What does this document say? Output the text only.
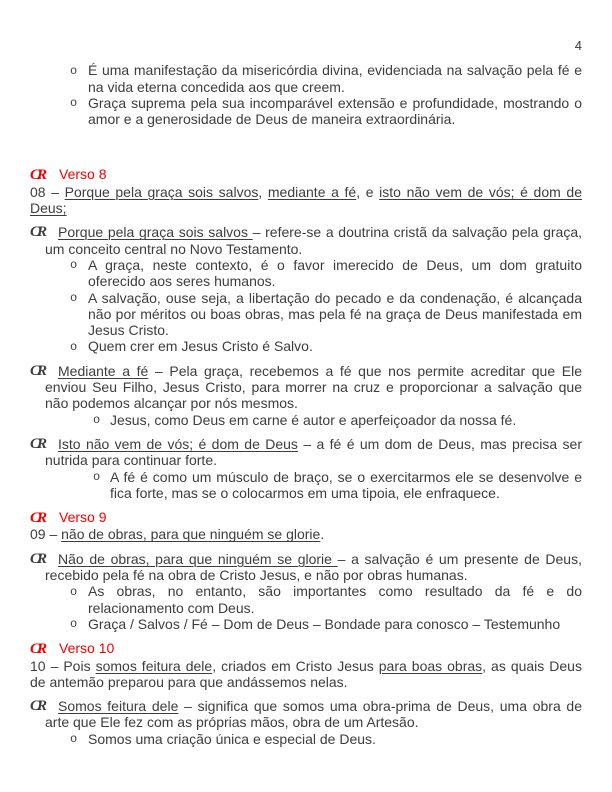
4
o É uma manifestação da misericórdia divina, evidenciada na salvação pela fé e na vida eterna concedida aos que creem.
o Graça suprema pela sua incomparável extensão e profundidade, mostrando o amor e a generosidade de Deus de maneira extraordinária.
CR Verso 8
08 – Porque pela graça sois salvos, mediante a fé, e isto não vem de vós; é dom de Deus;
CR Porque pela graça sois salvos – refere-se a doutrina cristã da salvação pela graça, um conceito central no Novo Testamento.
o A graça, neste contexto, é o favor imerecido de Deus, um dom gratuito oferecido aos seres humanos.
o A salvação, ouse seja, a libertação do pecado e da condenação, é alcançada não por méritos ou boas obras, mas pela fé na graça de Deus manifestada em Jesus Cristo.
o Quem crer em Jesus Cristo é Salvo.
CR Mediante a fé – Pela graça, recebemos a fé que nos permite acreditar que Ele enviou Seu Filho, Jesus Cristo, para morrer na cruz e proporcionar a salvação que não podemos alcançar por nós mesmos.
o Jesus, como Deus em carne é autor e aperfeiçoador da nossa fé.
CR Isto não vem de vós; é dom de Deus – a fé é um dom de Deus, mas precisa ser nutrida para continuar forte.
o A fé é como um músculo de braço, se o exercitarmos ele se desenvolve e fica forte, mas se o colocarmos em uma tipoia, ele enfraquece.
CR Verso 9
09 – não de obras, para que ninguém se glorie.
CR Não de obras, para que ninguém se glorie – a salvação é um presente de Deus, recebido pela fé na obra de Cristo Jesus, e não por obras humanas.
o As obras, no entanto, são importantes como resultado da fé e do relacionamento com Deus.
o Graça / Salvos / Fé – Dom de Deus – Bondade para conosco – Testemunho
CR Verso 10
10 – Pois somos feitura dele, criados em Cristo Jesus para boas obras, as quais Deus de antemão preparou para que andássemos nelas.
CR Somos feitura dele – significa que somos uma obra-prima de Deus, uma obra de arte que Ele fez com as próprias mãos, obra de um Artesão.
o Somos uma criação única e especial de Deus.
